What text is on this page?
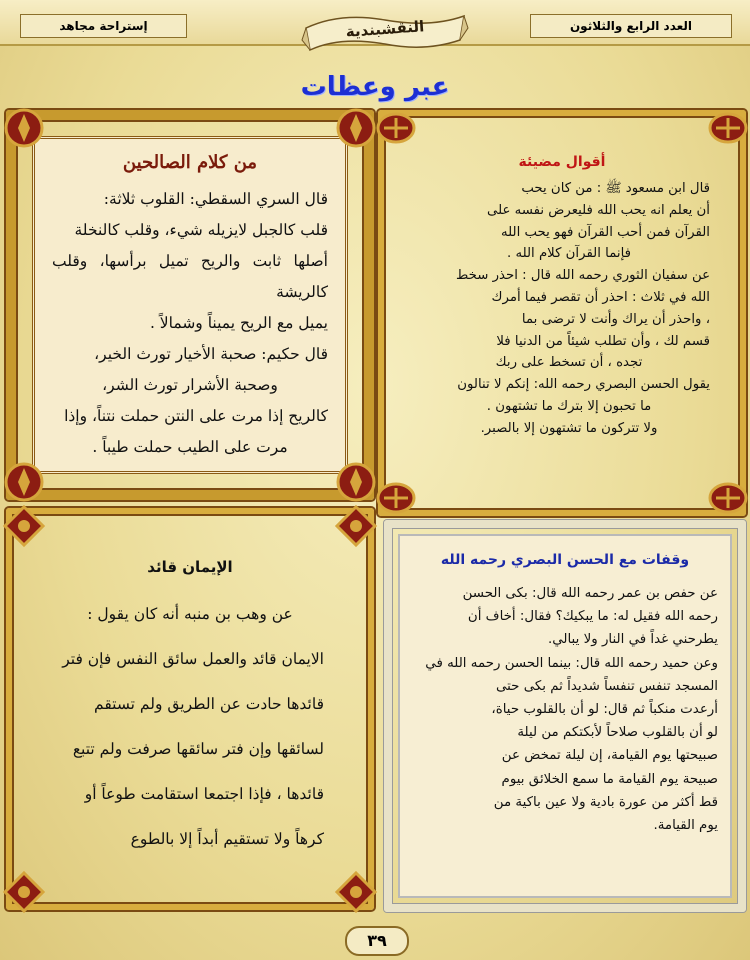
إستراحة مجاهد	العدد الرابع والثلاثون
النقشبندية
عبر وعظات
من كلام الصالحين

قال السري السقطي: القلوب ثلاثة:

قلب كالجبل لايزيله شيء، وقلب كالنخلة

أصلها ثابت والريح تميل برأسها، وقلب كالريشة

يميل مع الريح يميناً وشمالاً .

قال حكيم: صحبة الأخيار تورث الخير،

وصحبة الأشرار تورث الشر،

كالريح إذا مرت على النتن حملت نتناً، وإذا

مرت على الطيب حملت طيباً .

أقوال مضيئة

قال ابن مسعود ﷺ : من كان يحب

أن يعلم انه يحب الله فليعرض نفسه على

القرآن فمن أحب القرآن فهو يحب الله

فإنما القرآن كلام الله .

عن سفيان الثوري رحمه الله قال : احذر سخط

الله في ثلاث : احذر أن تقصر فيما أمرك

، واحذر أن يراك وأنت لا ترضى بما

قسم لك ، وأن تطلب شيئاً من الدنيا فلا

تجده ، أن تسخط على ربك

يقول الحسن البصري رحمه الله: إنكم لا تنالون

ما تحبون إلا بترك ما تشتهون .

ولا تتركون ما تشتهون إلا بالصبر.

الإيمان قائد

عن وهب بن منبه أنه كان يقول :

الايمان قائد والعمل سائق النفس فإن فتر

قائدها حادت عن الطريق ولم تستقم

لسائقها وإن فتر سائقها صرفت ولم تتبع

قائدها ، فإذا اجتمعا استقامت طوعاً أو

كرهاً ولا تستقيم أبداً إلا بالطوع

وقفات مع الحسن البصري رحمه الله

عن حفص بن عمر رحمه الله قال: بكى الحسن

رحمه الله فقيل له: ما يبكيك؟ فقال: أخاف أن

يطرحني غداً في النار ولا يبالي.

وعن حميد رحمه الله قال: بينما الحسن رحمه الله في

المسجد تنفس تنفساً شديداً ثم بكى حتى

أرعدت منكباً ثم قال: لو أن بالقلوب حياة،

لو أن بالقلوب صلاحاً لأبكتكم من ليلة

صبيحتها يوم القيامة، إن ليلة تمخض عن

صبيحة يوم القيامة ما سمع الخلائق بيوم

قط أكثر من عورة بادية ولا عين باكية من

يوم القيامة.

٣٩
